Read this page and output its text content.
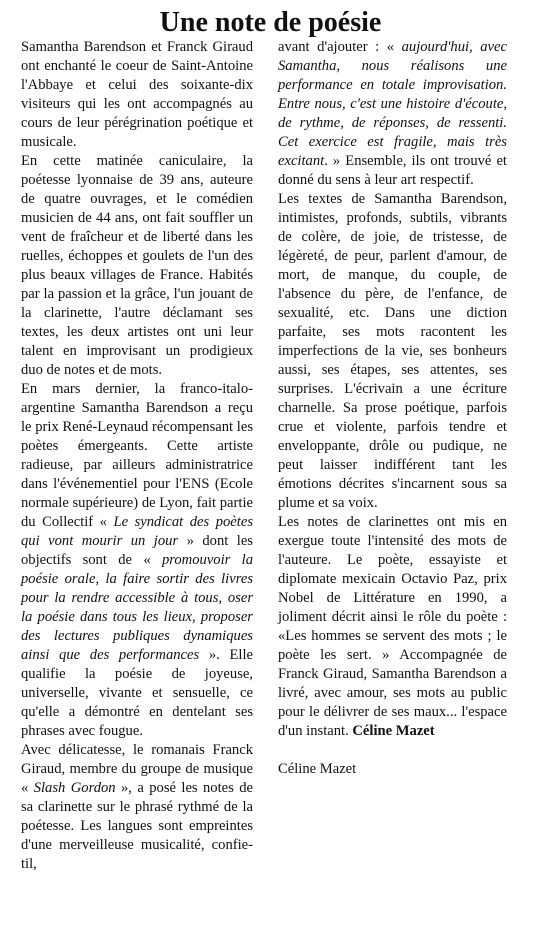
Une note de poésie

Samantha Barendson et Franck Giraud ont enchanté le coeur de Saint-Antoine l'Abbaye et celui des soixante-dix visiteurs qui les ont accompagnés au cours de leur pérégrination poétique et musicale.

En cette matinée caniculaire, la poétesse lyonnaise de 39 ans, auteure de quatre ouvrages, et le comédien musicien de 44 ans, ont fait souffler un vent de fraîcheur et de liberté dans les ruelles, échoppes et goulets de l'un des plus beaux villages de France. Habités par la passion et la grâce, l'un jouant de la clarinette, l'autre déclamant ses textes, les deux artistes ont uni leur talent en improvisant un prodigieux duo de notes et de mots.

En mars dernier, la franco-italo-argentine Samantha Barendson a reçu le prix René-Leynaud récompensant les poètes émergeants. Cette artiste radieuse, par ailleurs administratrice dans l'événementiel pour l'ENS (Ecole normale supérieure) de Lyon, fait partie du Collectif « Le syndicat des poètes qui vont mourir un jour » dont les objectifs sont de « promouvoir la poésie orale, la faire sortir des livres pour la rendre accessible à tous, oser la poésie dans tous les lieux, proposer des lectures publiques dynamiques ainsi que des performances ». Elle qualifie la poésie de joyeuse, universelle, vivante et sensuelle, ce qu'elle a démontré en dentelant ses phrases avec fougue.

Avec délicatesse, le romanais Franck Giraud, membre du groupe de musique « Slash Gordon », a posé les notes de sa clarinette sur le phrasé rythmé de la poétesse. Les langues sont empreintes d'une merveilleuse musicalité, confie-til,

avant d'ajouter : « aujourd'hui, avec Samantha, nous réalisons une performance en totale improvisation. Entre nous, c'est une histoire d'écoute, de rythme, de réponses, de ressenti. Cet exercice est fragile, mais très excitant. » Ensemble, ils ont trouvé et donné du sens à leur art respectif.

Les textes de Samantha Barendson, intimistes, profonds, subtils, vibrants de colère, de joie, de tristesse, de légèreté, de peur, parlent d'amour, de mort, de manque, du couple, de l'absence du père, de l'enfance, de sexualité, etc. Dans une diction parfaite, ses mots racontent les imperfections de la vie, ses bonheurs aussi, ses étapes, ses attentes, ses surprises. L'écrivain a une écriture charnelle. Sa prose poétique, parfois crue et violente, parfois tendre et enveloppante, drôle ou pudique, ne peut laisser indifférent tant les émotions décrites s'incarnent sous sa plume et sa voix.

Les notes de clarinettes ont mis en exergue toute l'intensité des mots de l'auteure. Le poète, essayiste et diplomate mexicain Octavio Paz, prix Nobel de Littérature en 1990, a joliment décrit ainsi le rôle du poète : «Les hommes se servent des mots ; le poète les sert. » Accompagnée de Franck Giraud, Samantha Barendson a livré, avec amour, ses mots au public pour le délivrer de ses maux... l'espace d'un instant. Céline Mazet

Céline Mazet
